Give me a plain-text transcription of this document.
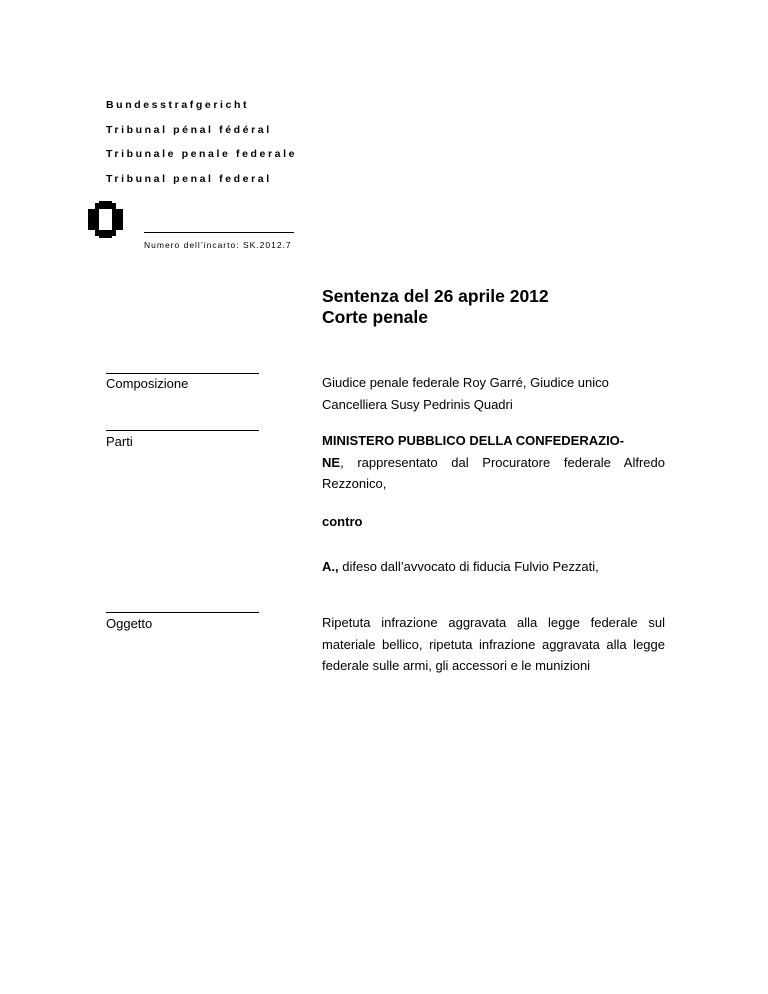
Bundesstrafgericht
Tribunal pénal fédéral
Tribunale penale federale
Tribunal penal federal
Numero dell’incarto: SK.2012.7
Sentenza del 26 aprile 2012
Corte penale
Composizione	Giudice penale federale Roy Garré, Giudice unico
Cancelliera Susy Pedrinis Quadri
Parti	MINISTERO PUBBLICO DELLA CONFEDERAZIO-
NE, rappresentato dal Procuratore federale Alfredo Rezzonico,
contro
A., difeso dall’avvocato di fiducia Fulvio Pezzati,
Oggetto	Ripetuta infrazione aggravata alla legge federale sul materiale bellico, ripetuta infrazione aggravata alla legge federale sulle armi, gli accessori e le munizioni
